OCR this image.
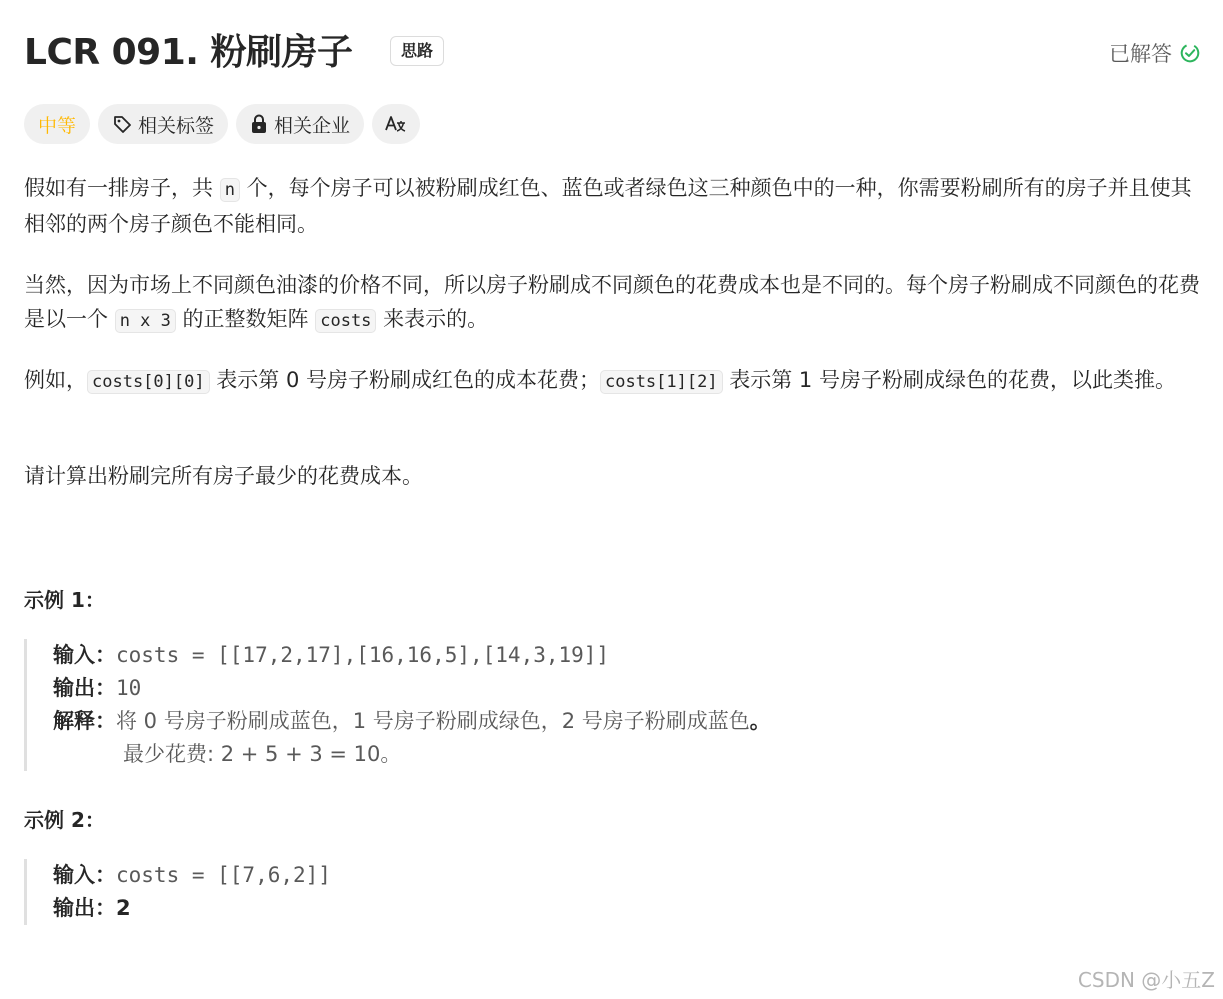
LCR 091. 粉刷房子	思路	已解答
中等	相关标签	相关企业

假如有一排房子，共 n 个，每个房子可以被粉刷成红色、蓝色或者绿色这三种颜色中的一种，你需要粉刷所有的房子并且使其相邻的两个房子颜色不能相同。

当然，因为市场上不同颜色油漆的价格不同，所以房子粉刷成不同颜色的花费成本也是不同的。每个房子粉刷成不同颜色的花费是以一个 n x 3 的正整数矩阵 costs 来表示的。

例如， costs[0][0] 表示第 0 号房子粉刷成红色的成本花费； costs[1][2] 表示第 1 号房子粉刷成绿色的花费，以此类推。

请计算出粉刷完所有房子最少的花费成本。

示例 1：
输入：costs = [[17,2,17],[16,16,5],[14,3,19]]
输出：10
解释：将 0 号房子粉刷成蓝色，1 号房子粉刷成绿色，2 号房子粉刷成蓝色。
最少花费: 2 + 5 + 3 = 10。
示例 2：
输入：costs = [[7,6,2]]
输出：2
CSDN @小五Z
